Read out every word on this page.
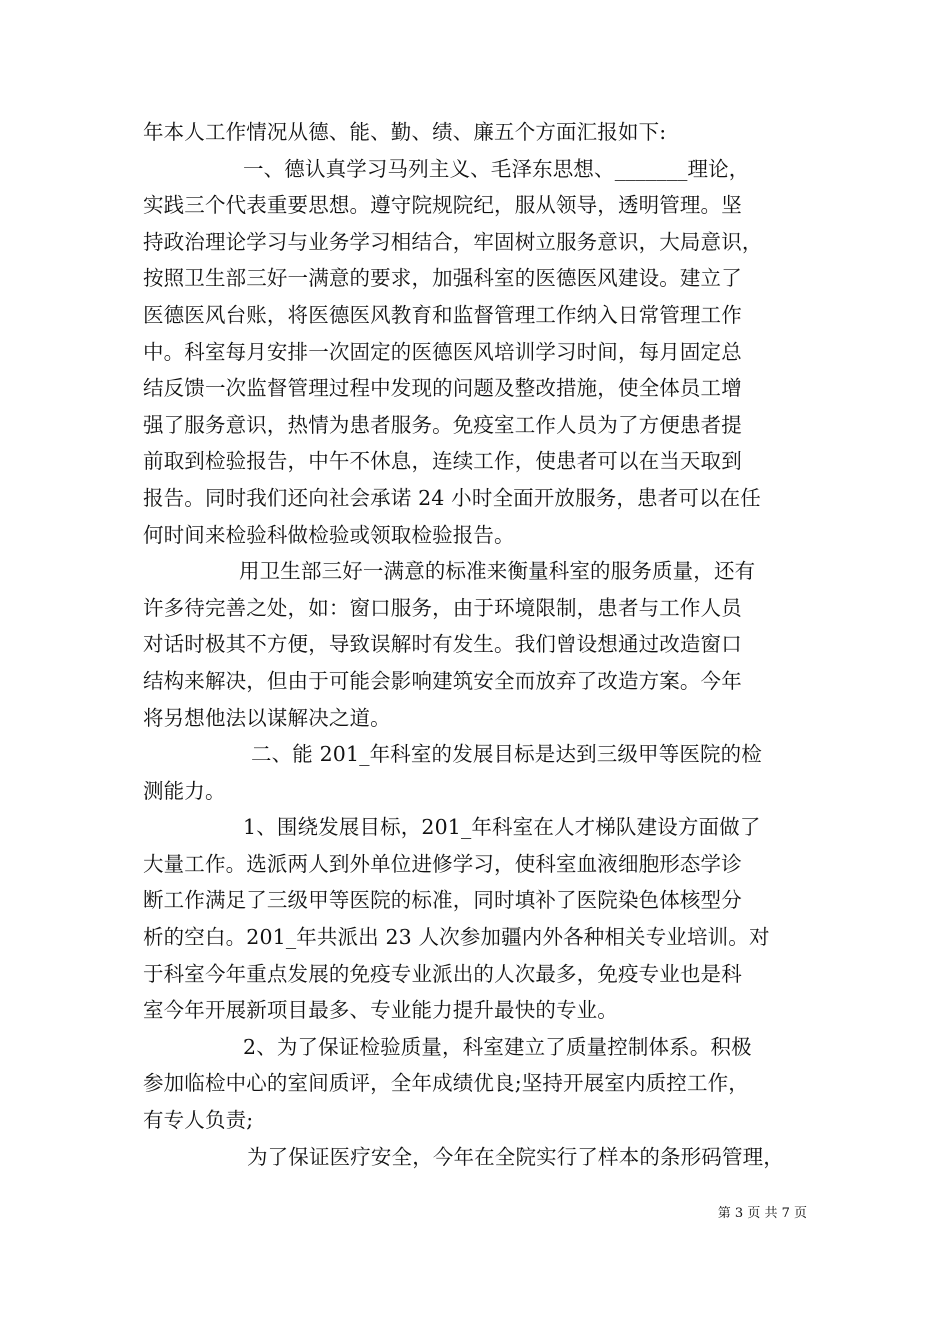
年本人工作情况从德、能、勤、绩、廉五个方面汇报如下:
一、德认真学习马列主义、毛泽东思想、_______理论，
实践三个代表重要思想。遵守院规院纪，服从领导，透明管理。坚
持政治理论学习与业务学习相结合，牢固树立服务意识，大局意识，
按照卫生部三好一满意的要求，加强科室的医德医风建设。建立了
医德医风台账，将医德医风教育和监督管理工作纳入日常管理工作
中。科室每月安排一次固定的医德医风培训学习时间，每月固定总
结反馈一次监督管理过程中发现的问题及整改措施，使全体员工增
强了服务意识，热情为患者服务。免疫室工作人员为了方便患者提
前取到检验报告，中午不休息，连续工作，使患者可以在当天取到
报告。同时我们还向社会承诺 24 小时全面开放服务，患者可以在任
何时间来检验科做检验或领取检验报告。
用卫生部三好一满意的标准来衡量科室的服务质量，还有
许多待完善之处，如：窗口服务，由于环境限制，患者与工作人员
对话时极其不方便，导致误解时有发生。我们曾设想通过改造窗口
结构来解决，但由于可能会影响建筑安全而放弃了改造方案。今年
将另想他法以谋解决之道。
二、能 201_年科室的发展目标是达到三级甲等医院的检
测能力。
1、围绕发展目标，201_年科室在人才梯队建设方面做了
大量工作。选派两人到外单位进修学习，使科室血液细胞形态学诊
断工作满足了三级甲等医院的标准，同时填补了医院染色体核型分
析的空白。201_年共派出 23 人次参加疆内外各种相关专业培训。对
于科室今年重点发展的免疫专业派出的人次最多，免疫专业也是科
室今年开展新项目最多、专业能力提升最快的专业。
2、为了保证检验质量，科室建立了质量控制体系。积极
参加临检中心的室间质评，全年成绩优良;坚持开展室内质控工作，
有专人负责;
为了保证医疗安全，今年在全院实行了样本的条形码管理，
第 3 页 共 7 页
